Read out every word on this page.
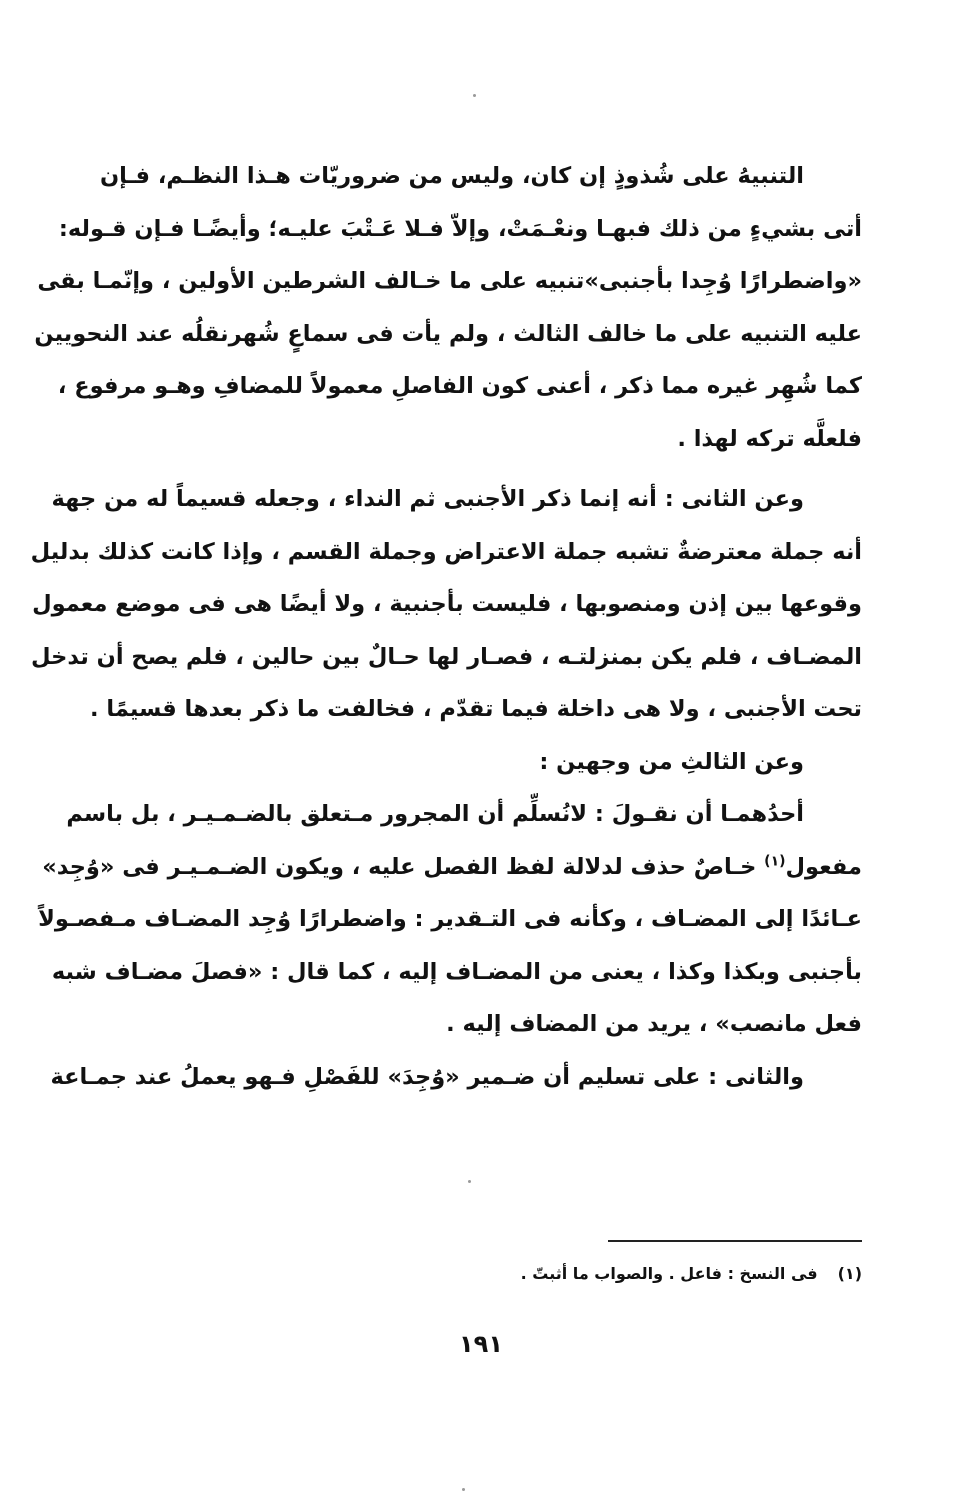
التنبيهُ على شُذوذٍ إن كان، وليس من ضروريّات هـذا النظـم، فـإن
أتى بشيءٍ من ذلك فبهـا ونعْـمَتْ، وإلاّ فـلا عَـتْبَ عليـه؛ وأيضًـا فـإن قـوله:
«واضطرارًا وُجِدا بأجنبى»تنبيه على ما خـالف الشرطين الأولين ، وإنّمـا بقى
عليه التنبيه على ما خالف الثالث ، ولم يأت فى سماعٍ شُهرنقلُه عند النحويين
كما شُهِر غيره مما ذكر ، أعنى كون الفاصلِ معمولاً للمضافِ وهـو مرفوع ،
فلعلَّه تركه لهذا .
وعن الثانى : أنه إنما ذكر الأجنبى ثم النداء ، وجعله قسيماً له من جهة
أنه جملة معترضةٌ تشبه جملة الاعتراض وجملة القسم ، وإذا كانت كذلك بدليل
وقوعها بين إذن ومنصوبها ، فليست بأجنبية ، ولا أيضًا هى فى موضع معمول
المضـاف ، فلم يكن بمنزلتـه ، فصـار لها حـالٌ بين حالين ، فلم يصح أن تدخل
تحت الأجنبى ، ولا هى داخلة فيما تقدّم ، فخالفت ما ذكر بعدها قسيمًا .
وعن الثالثِ من وجهين :
أحدُهمـا أن نقـولَ : لانُسلِّم أن المجرور مـتعلق بالضـمـيـر ، بل باسم
مفعول$^{(١)}$ خـاصٌ حذف لدلالة لفظ الفصل عليه ، ويكون الضـمـيـر فى «وُجِد»
عـائدًا إلى المضـاف ، وكأنه فى التـقدير : واضطرارًا وُجِد المضـاف مـفصـولاً
بأجنبى وبكذا وكذا ، يعنى من المضـاف إليه ، كما قال : «فصلَ مضـاف شبه
فعل مانصب» ، يريد من المضاف إليه .
والثانى : على تسليم أن ضـمير «وُجِدَ» للفَصْلِ فـهو يعملُ عند جمـاعة
(١)فى النسخ : فاعل . والصواب ما أثبتّ .
١٩١
